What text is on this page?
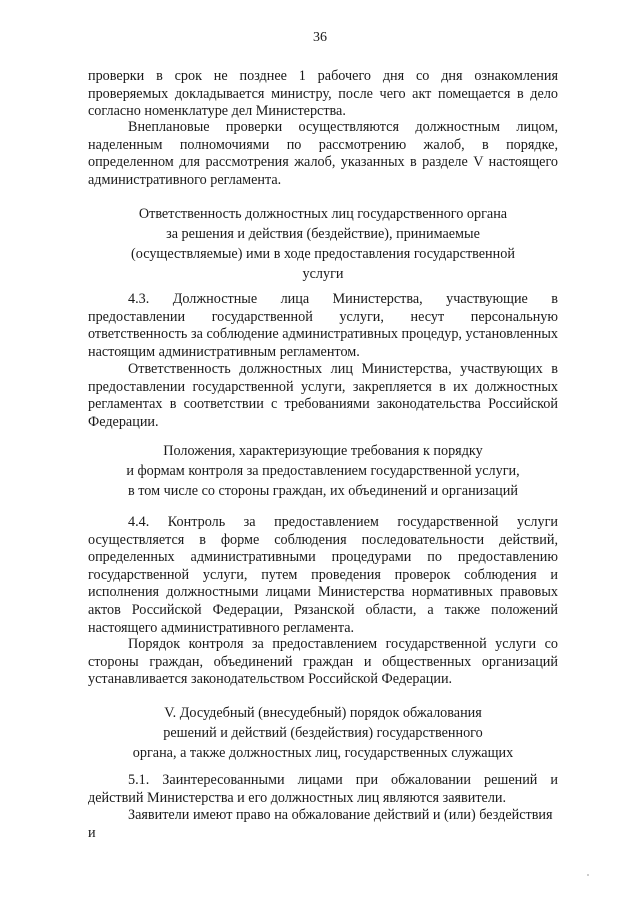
36

проверки в срок не позднее 1 рабочего дня со дня ознакомления проверяемых докладывается министру, после чего акт помещается в дело согласно номенклатуре дел Министерства.

Внеплановые проверки осуществляются должностным лицом, наделенным полномочиями по рассмотрению жалоб, в порядке, определенном для рассмотрения жалоб, указанных в разделе V настоящего административного регламента.

Ответственность должностных лиц государственного органа

за решения и действия (бездействие), принимаемые

(осуществляемые) ими в ходе предоставления государственной

услуги

4.3. Должностные лица Министерства, участвующие в предоставлении государственной услуги, несут персональную ответственность за соблюдение административных процедур, установленных настоящим административным регламентом.

Ответственность должностных лиц Министерства, участвующих в предоставлении государственной услуги, закрепляется в их должностных регламентах в соответствии с требованиями законодательства Российской Федерации.

Положения, характеризующие требования к порядку

и формам контроля за предоставлением государственной услуги,

в том числе со стороны граждан, их объединений и организаций

4.4. Контроль за предоставлением государственной услуги осуществляется в форме соблюдения последовательности действий, определенных административными процедурами по предоставлению государственной услуги, путем проведения проверок соблюдения и исполнения должностными лицами Министерства нормативных правовых актов Российской Федерации, Рязанской области, а также положений настоящего административного регламента.

Порядок контроля за предоставлением государственной услуги со стороны граждан, объединений граждан и общественных организаций устанавливается законодательством Российской Федерации.

V. Досудебный (внесудебный) порядок обжалования

решений и действий (бездействия) государственного

органа, а также должностных лиц, государственных служащих

5.1. Заинтересованными лицами при обжаловании решений и действий Министерства и его должностных лиц являются заявители.

Заявители имеют право на обжалование действий и (или) бездействия и
